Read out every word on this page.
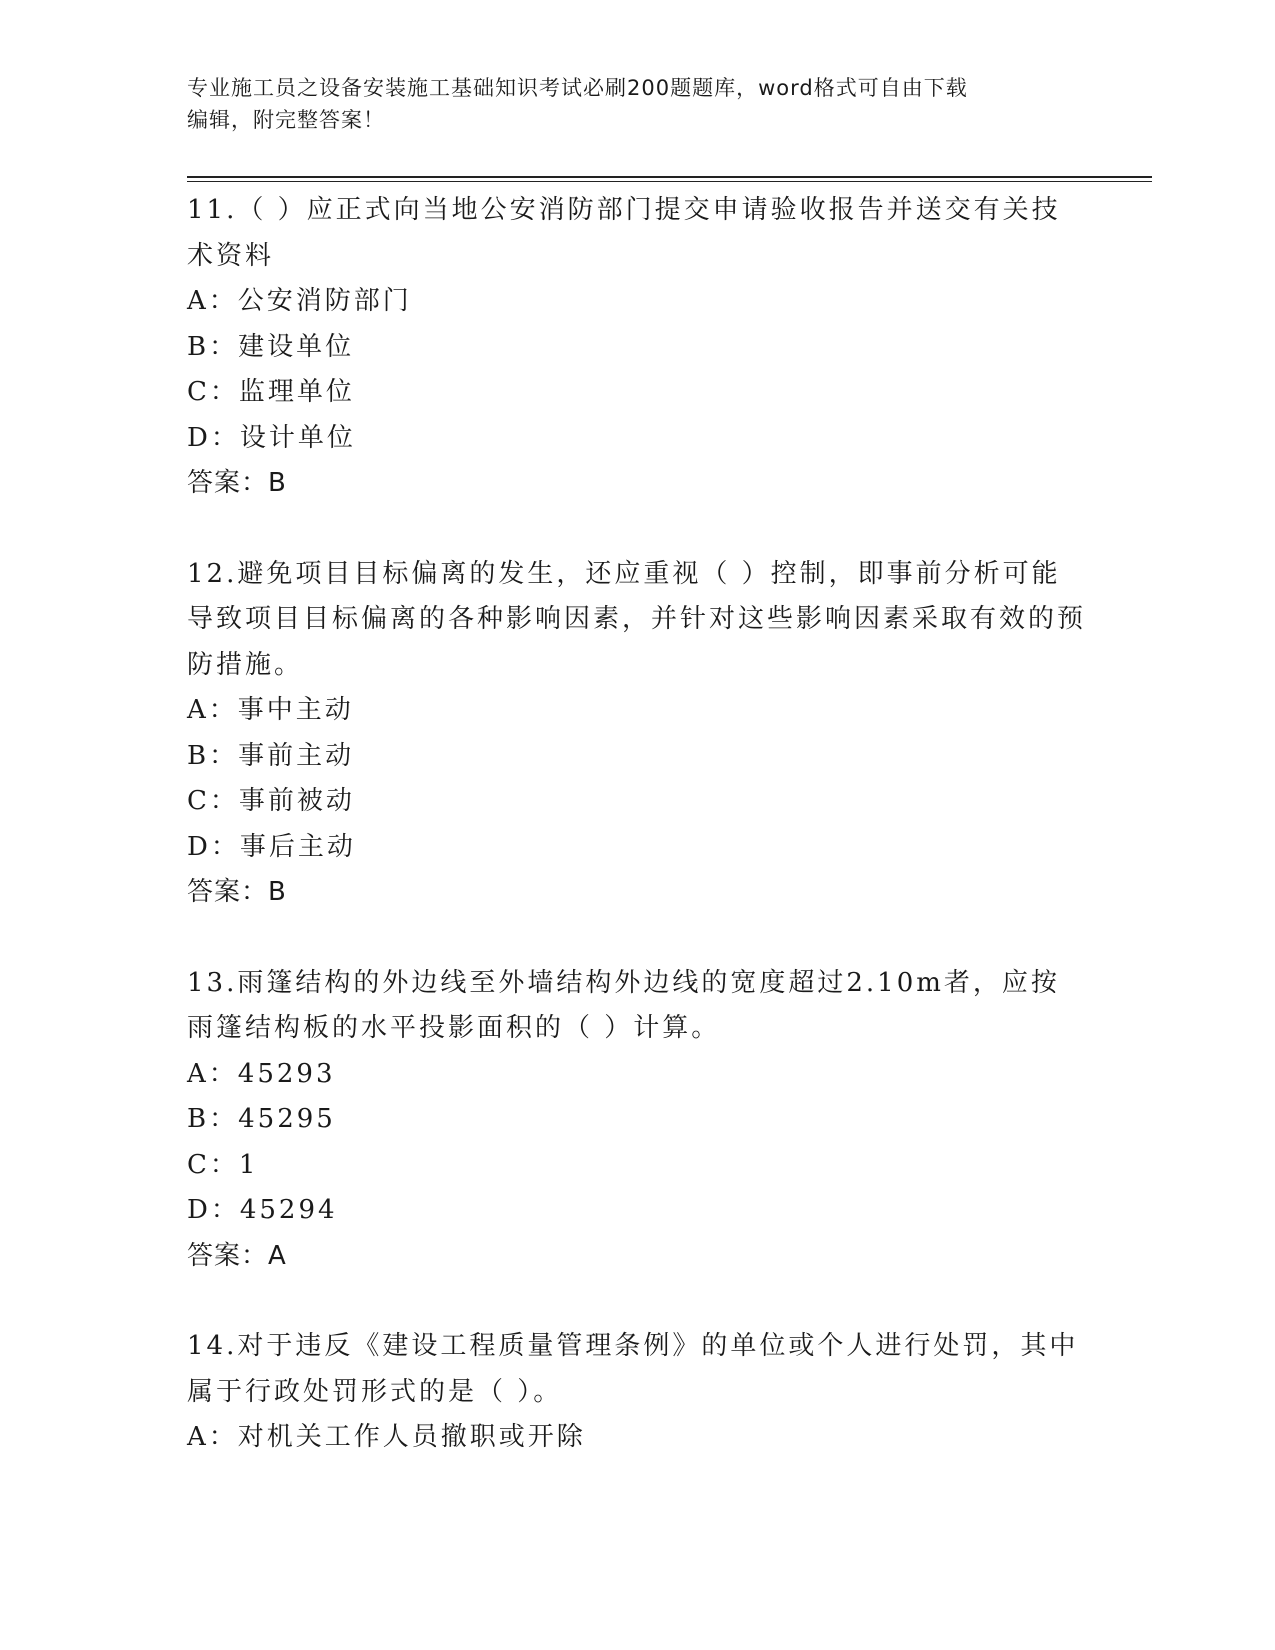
专业施工员之设备安装施工基础知识考试必刷200题题库，word格式可自由下载
编辑，附完整答案！

11.（ ）应正式向当地公安消防部门提交申请验收报告并送交有关技术资料

A：公安消防部门

B：建设单位

C：监理单位

D：设计单位

答案：B

12.避免项目目标偏离的发生，还应重视（ ）控制，即事前分析可能导致项目目标偏离的各种影响因素，并针对这些影响因素采取有效的预防措施。

A：事中主动

B：事前主动

C：事前被动

D：事后主动

答案：B

13.雨篷结构的外边线至外墙结构外边线的宽度超过2.10m者，应按雨篷结构板的水平投影面积的（ ）计算。

A：45293

B：45295

C：1

D：45294

答案：A

14.对于违反《建设工程质量管理条例》的单位或个人进行处罚，其中属于行政处罚形式的是（ ）。

A：对机关工作人员撤职或开除
